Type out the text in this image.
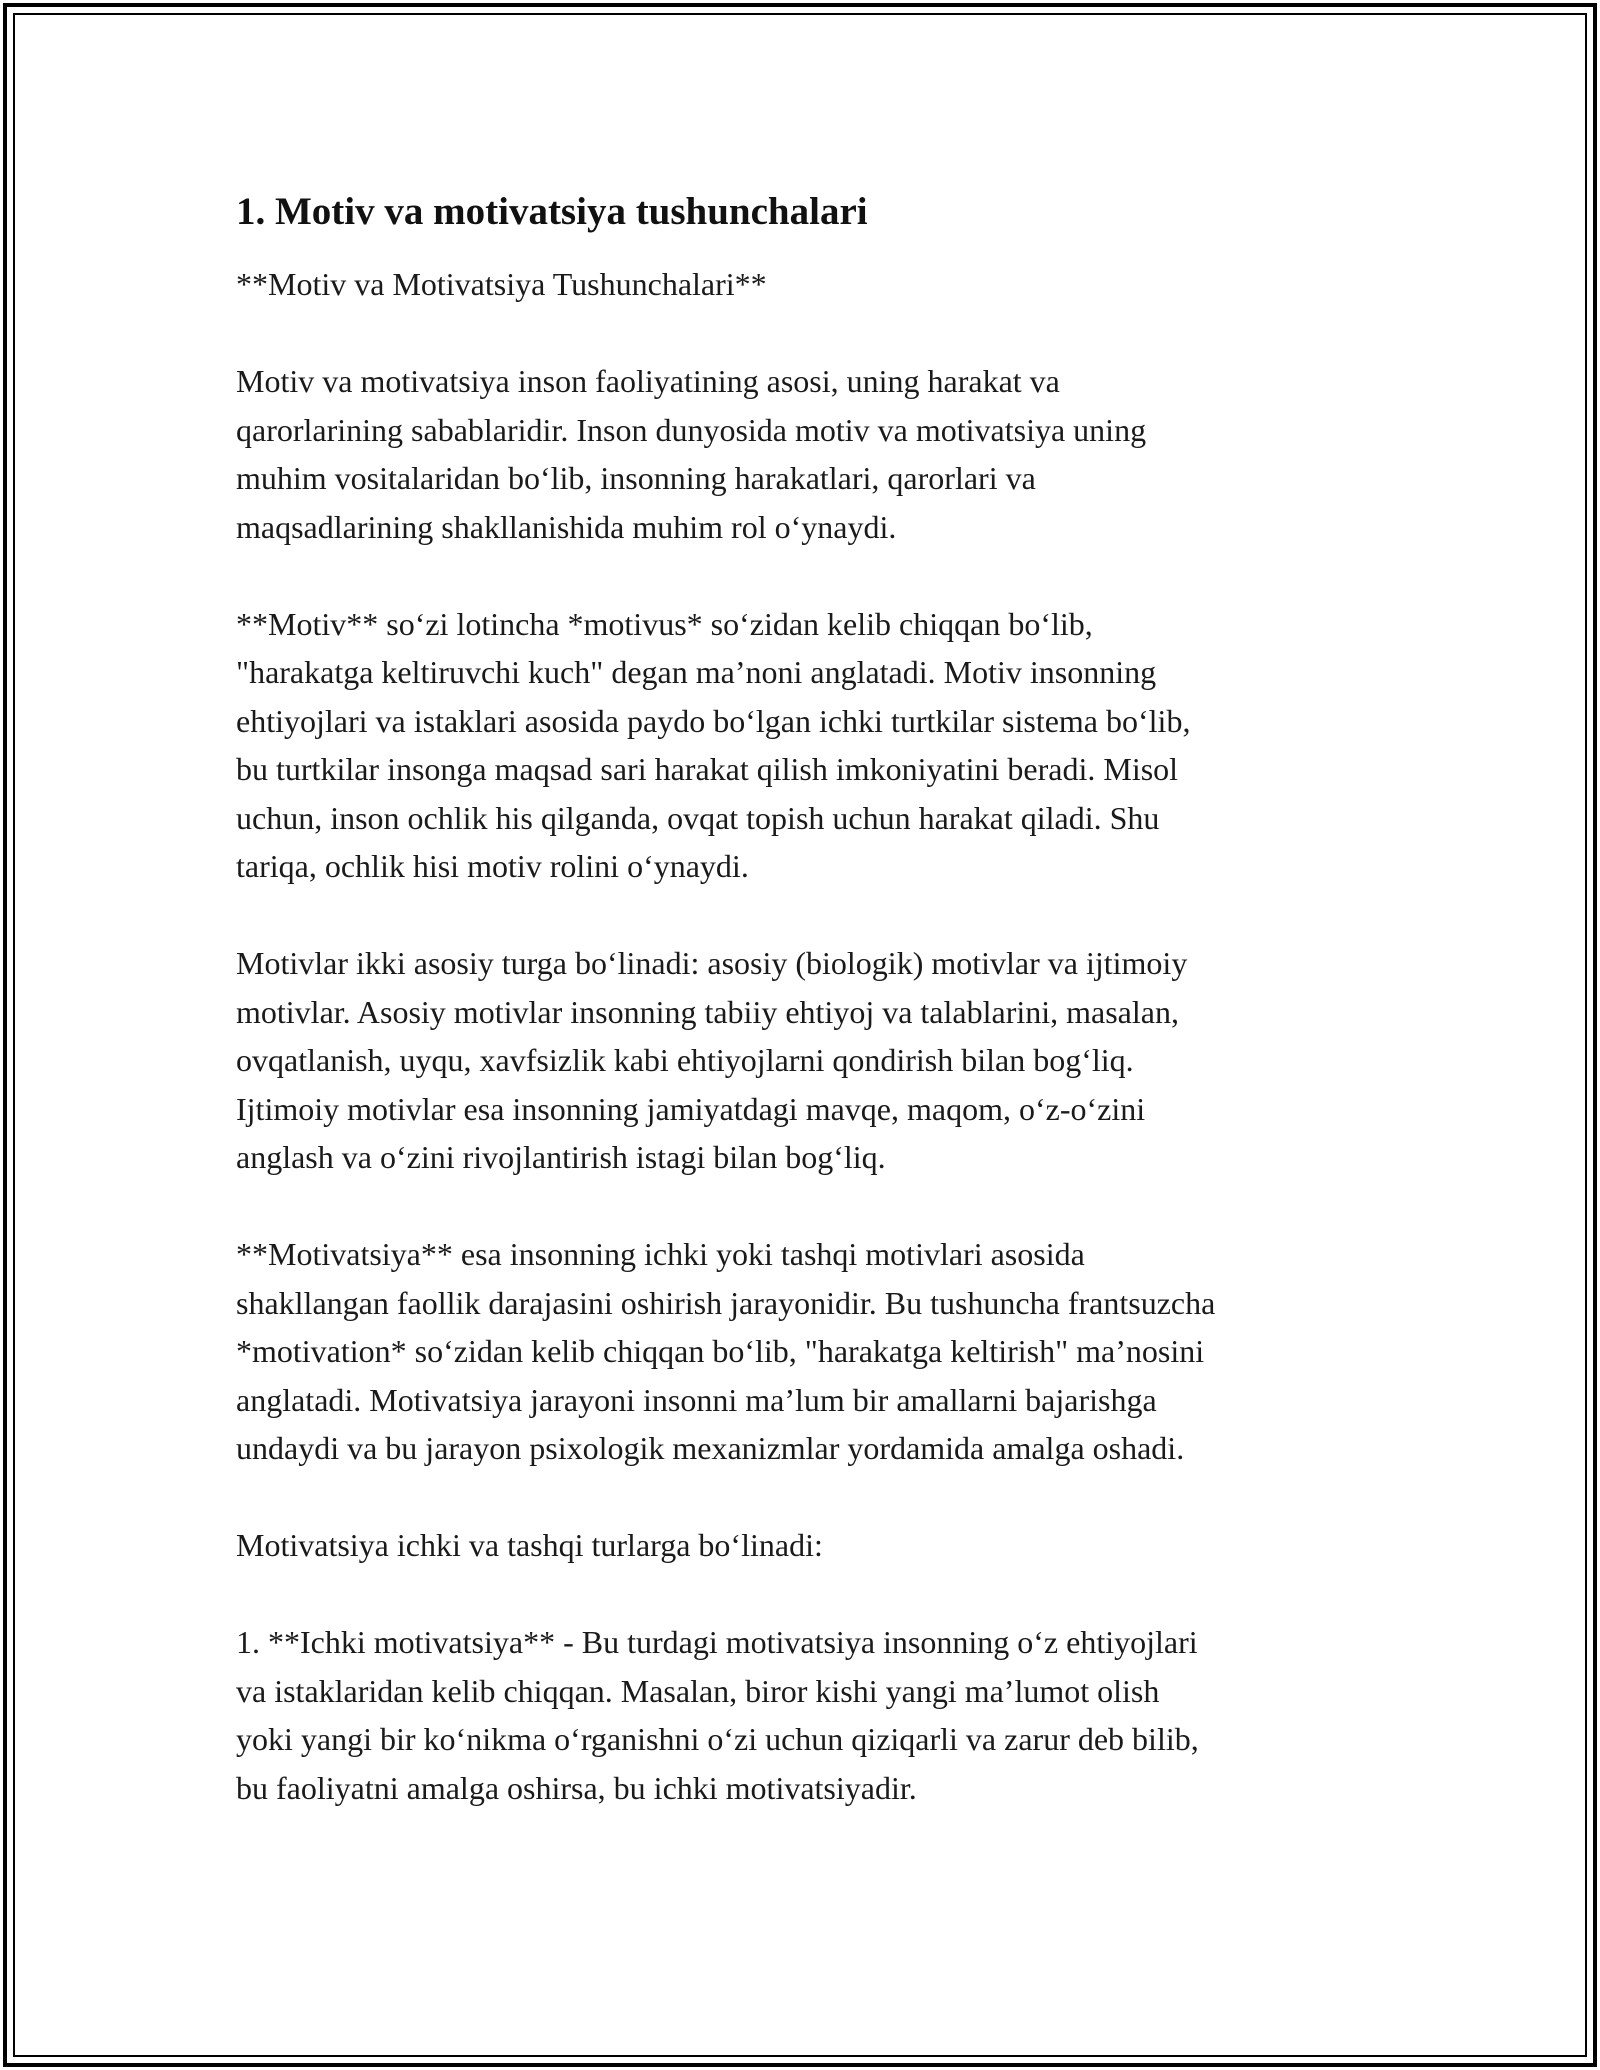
1. Motiv va motivatsiya tushunchalari

**Motiv va Motivatsiya Tushunchalari**

Motiv va motivatsiya inson faoliyatining asosi, uning harakat va
qarorlarining sabablaridir. Inson dunyosida motiv va motivatsiya uning
muhim vositalaridan bo‘lib, insonning harakatlari, qarorlari va
maqsadlarining shakllanishida muhim rol o‘ynaydi.

**Motiv** so‘zi lotincha *motivus* so‘zidan kelib chiqqan bo‘lib,
"harakatga keltiruvchi kuch" degan ma’noni anglatadi. Motiv insonning
ehtiyojlari va istaklari asosida paydo bo‘lgan ichki turtkilar sistema bo‘lib,
bu turtkilar insonga maqsad sari harakat qilish imkoniyatini beradi. Misol
uchun, inson ochlik his qilganda, ovqat topish uchun harakat qiladi. Shu
tariqa, ochlik hisi motiv rolini o‘ynaydi.

Motivlar ikki asosiy turga bo‘linadi: asosiy (biologik) motivlar va ijtimoiy
motivlar. Asosiy motivlar insonning tabiiy ehtiyoj va talablarini, masalan,
ovqatlanish, uyqu, xavfsizlik kabi ehtiyojlarni qondirish bilan bog‘liq.
Ijtimoiy motivlar esa insonning jamiyatdagi mavqe, maqom, o‘z-o‘zini
anglash va o‘zini rivojlantirish istagi bilan bog‘liq.

**Motivatsiya** esa insonning ichki yoki tashqi motivlari asosida
shakllangan faollik darajasini oshirish jarayonidir. Bu tushuncha frantsuzcha
*motivation* so‘zidan kelib chiqqan bo‘lib, "harakatga keltirish" ma’nosini
anglatadi. Motivatsiya jarayoni insonni ma’lum bir amallarni bajarishga
undaydi va bu jarayon psixologik mexanizmlar yordamida amalga oshadi.

Motivatsiya ichki va tashqi turlarga bo‘linadi:

1. **Ichki motivatsiya** - Bu turdagi motivatsiya insonning o‘z ehtiyojlari
va istaklaridan kelib chiqqan. Masalan, biror kishi yangi ma’lumot olish
yoki yangi bir ko‘nikma o‘rganishni o‘zi uchun qiziqarli va zarur deb bilib,
bu faoliyatni amalga oshirsa, bu ichki motivatsiyadir.
